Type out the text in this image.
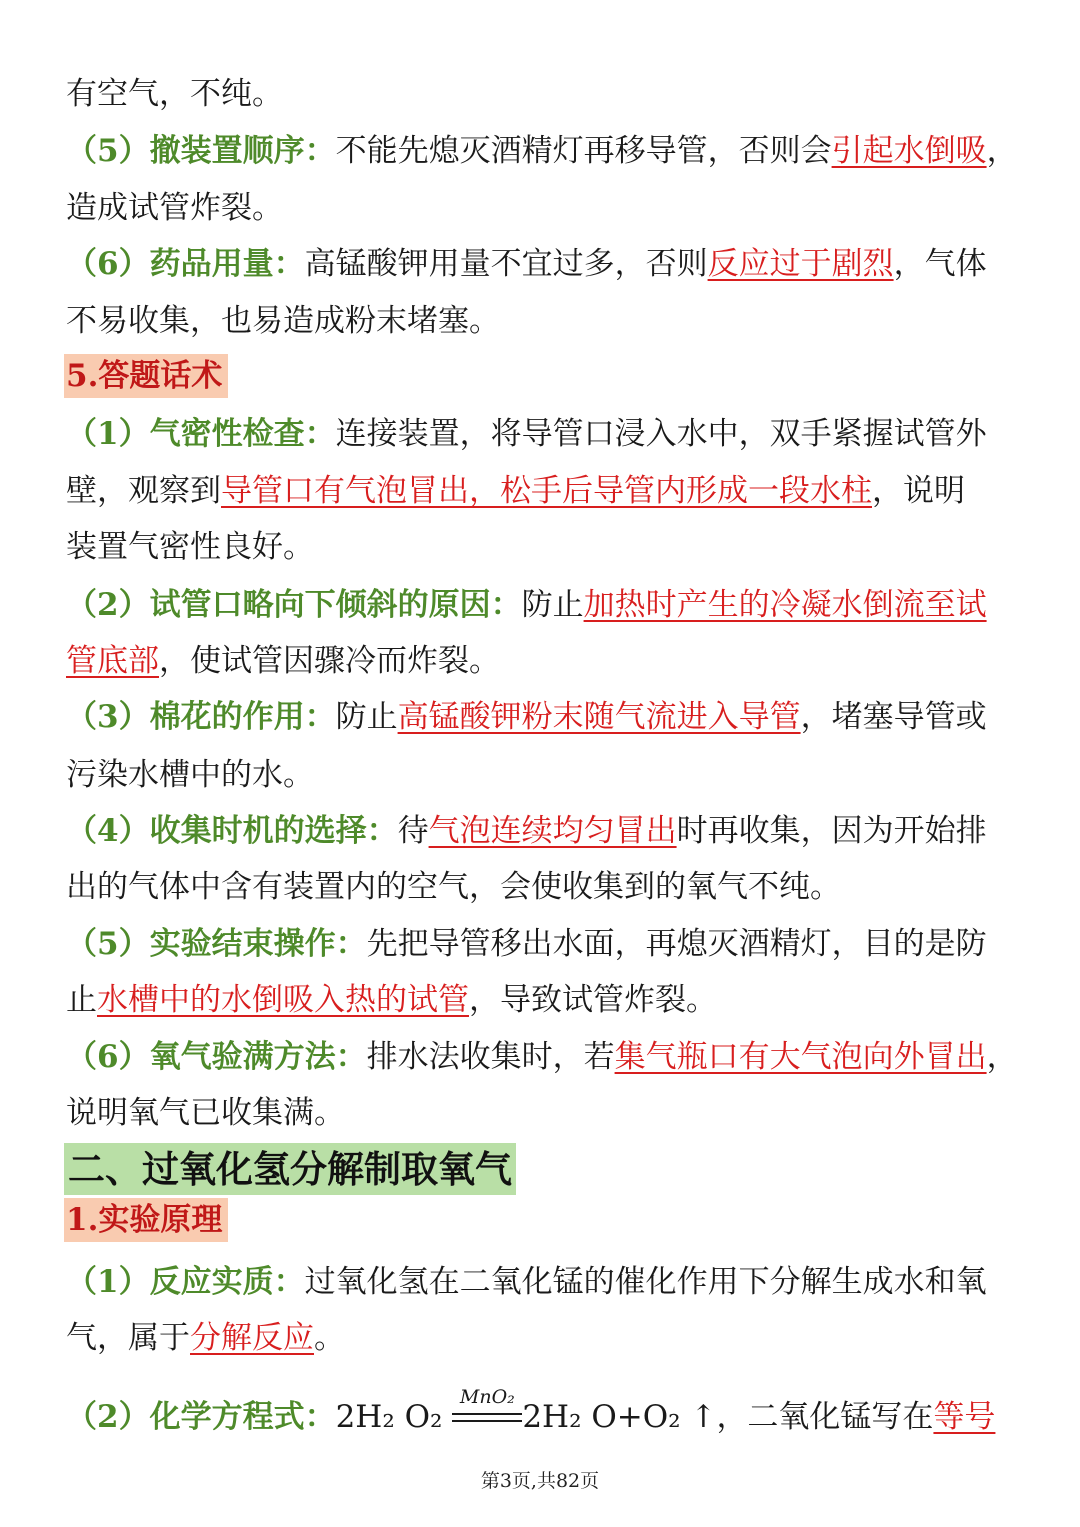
有空气，不纯。
（5）撤装置顺序：不能先熄灭酒精灯再移导管，否则会引起水倒吸，
造成试管炸裂。
（6）药品用量：高锰酸钾用量不宜过多，否则反应过于剧烈，气体
不易收集，也易造成粉末堵塞。
5.答题话术
（1）气密性检查：连接装置，将导管口浸入水中，双手紧握试管外
壁，观察到导管口有气泡冒出，松手后导管内形成一段水柱，说明
装置气密性良好。
（2）试管口略向下倾斜的原因：防止加热时产生的冷凝水倒流至试
管底部，使试管因骤冷而炸裂。
（3）棉花的作用：防止高锰酸钾粉末随气流进入导管，堵塞导管或
污染水槽中的水。
（4）收集时机的选择：待气泡连续均匀冒出时再收集，因为开始排
出的气体中含有装置内的空气，会使收集到的氧气不纯。
（5）实验结束操作：先把导管移出水面，再熄灭酒精灯，目的是防
止水槽中的水倒吸入热的试管，导致试管炸裂。
（6）氧气验满方法：排水法收集时，若集气瓶口有大气泡向外冒出，
说明氧气已收集满。
二、过氧化氢分解制取氧气
1.实验原理
（1）反应实质：过氧化氢在二氧化锰的催化作用下分解生成水和氧
气，属于分解反应。
（2）化学方程式：2H₂ O₂
MnO₂
2H₂ O+O₂ ↑，二氧化锰写在等号
第3页,共82页
